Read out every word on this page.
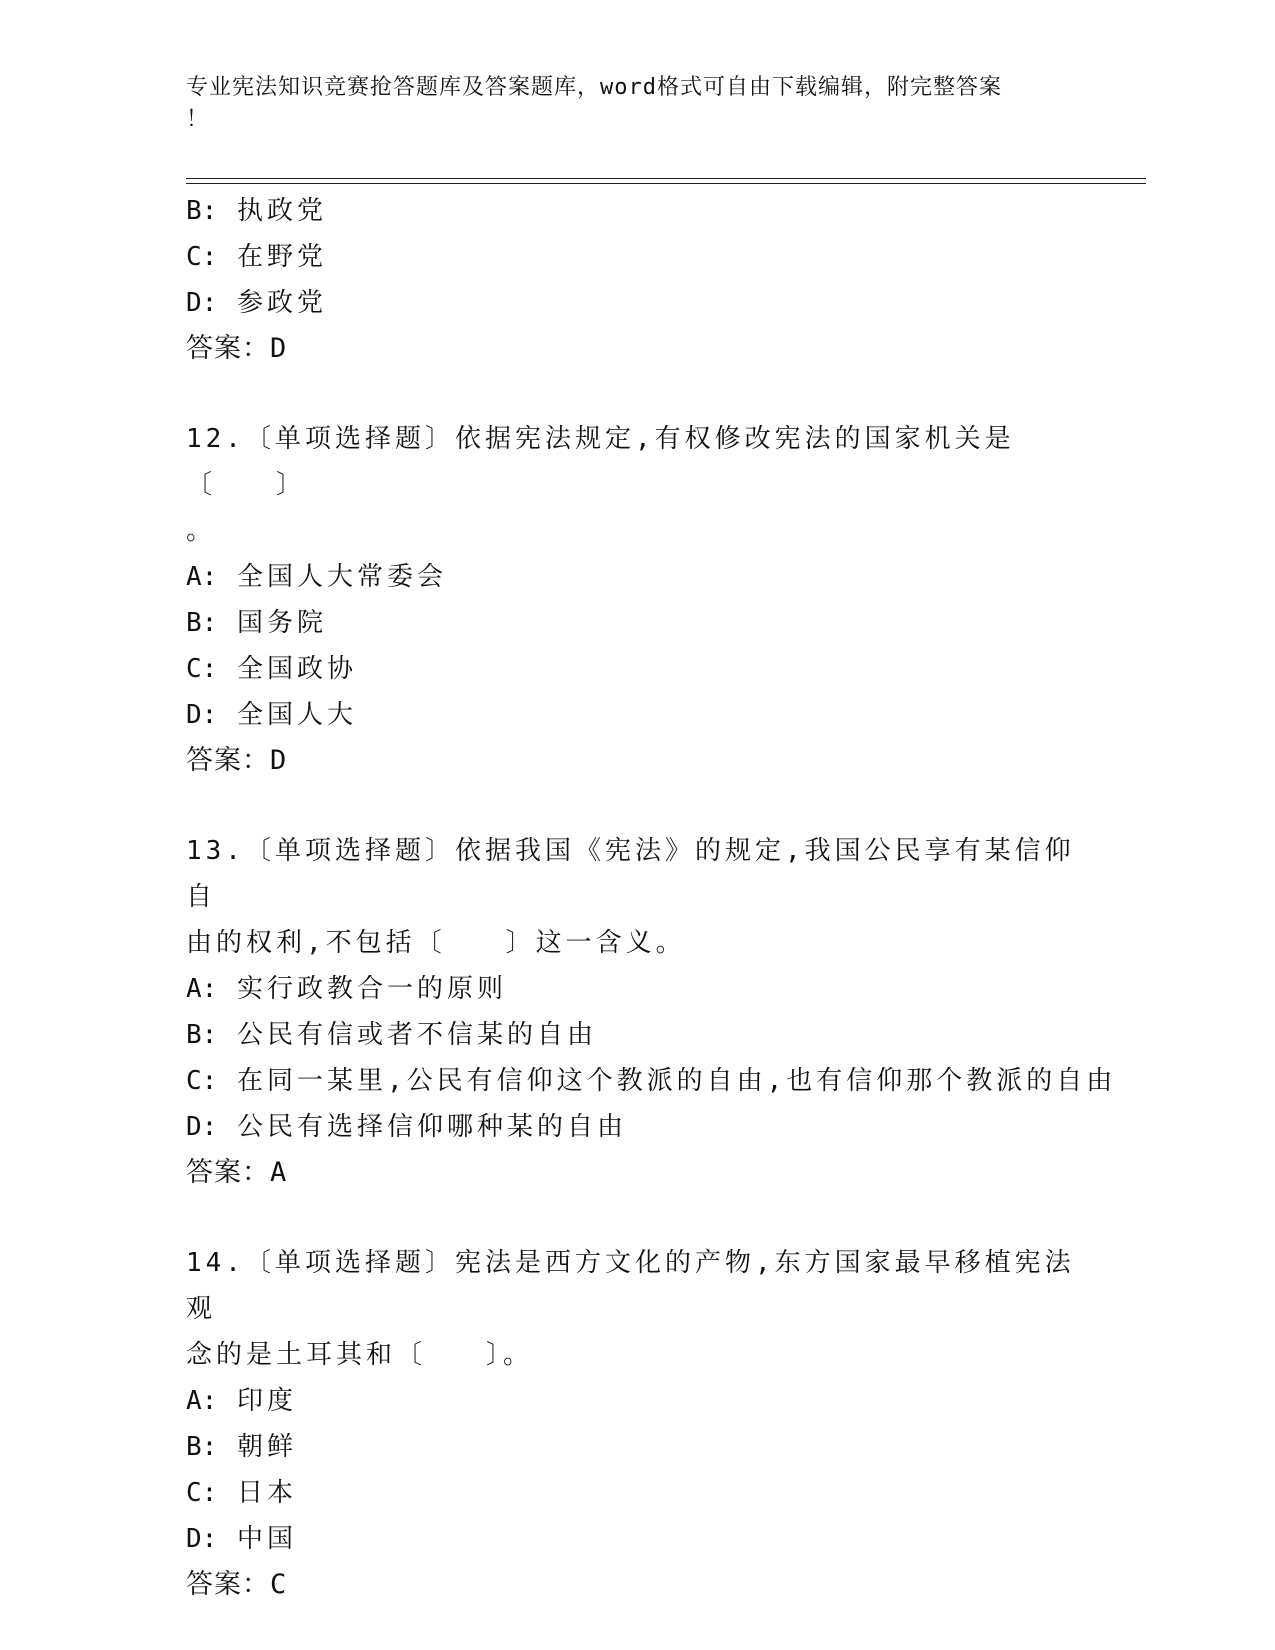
专业宪法知识竞赛抢答题库及答案题库，word格式可自由下载编辑，附完整答案
！
B: 执政党
C: 在野党
D: 参政党
答案：D
12.〔单项选择题〕依据宪法规定,有权修改宪法的国家机关是〔　　〕
。
A: 全国人大常委会
B: 国务院
C: 全国政协
D: 全国人大
答案：D
13.〔单项选择题〕依据我国《宪法》的规定,我国公民享有某信仰自
由的权利,不包括〔　　〕这一含义。
A: 实行政教合一的原则
B: 公民有信或者不信某的自由
C: 在同一某里,公民有信仰这个教派的自由,也有信仰那个教派的自由
D: 公民有选择信仰哪种某的自由
答案：A
14.〔单项选择题〕宪法是西方文化的产物,东方国家最早移植宪法观
念的是土耳其和〔　　〕。
A: 印度
B: 朝鲜
C: 日本
D: 中国
答案：C
